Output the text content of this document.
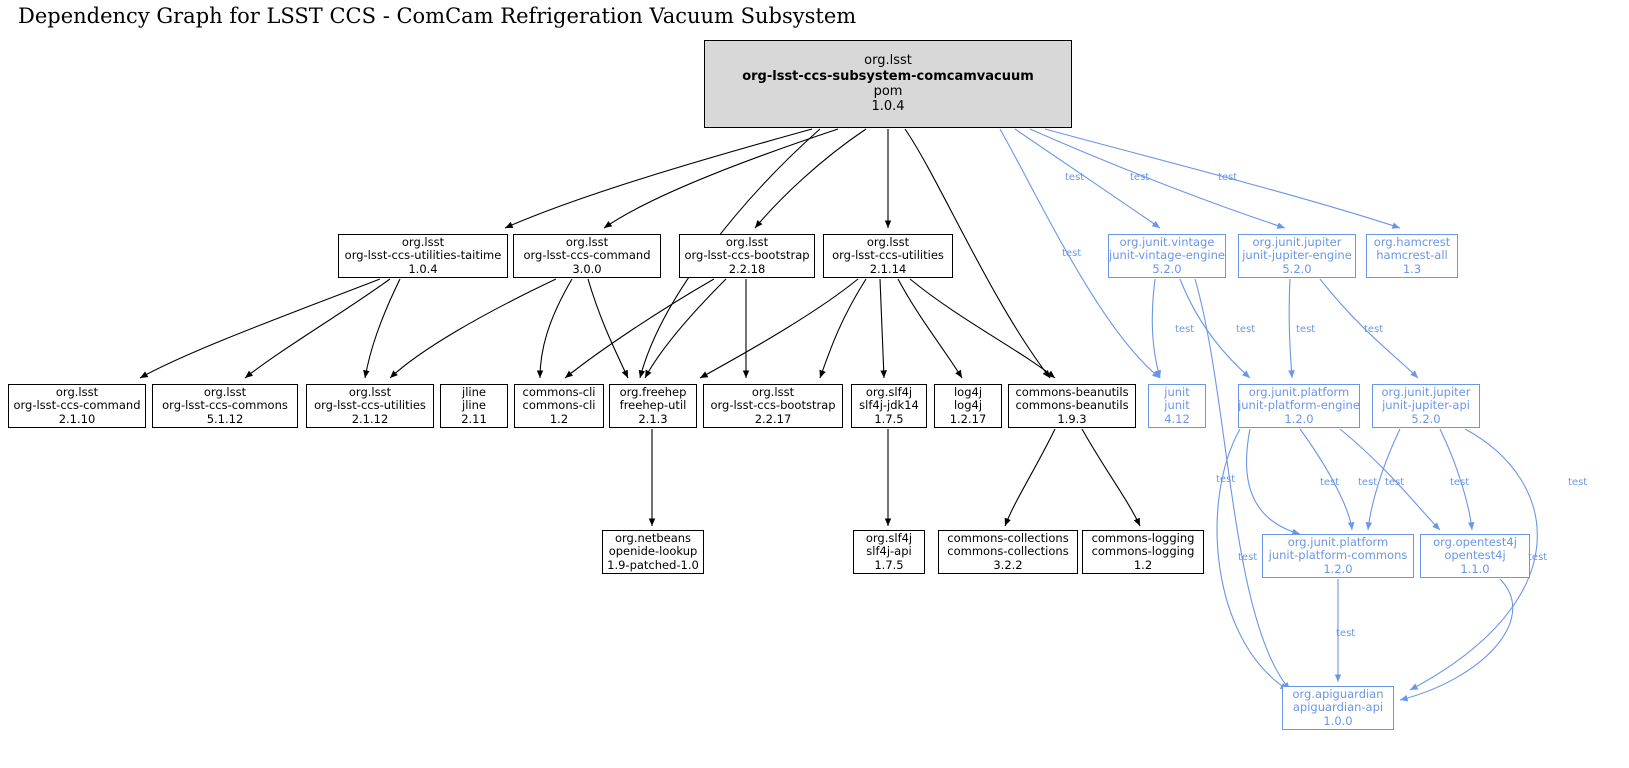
Dependency Graph for LSST CCS - ComCam Refrigeration Vacuum Subsystem
org.lsst
org-lsst-ccs-subsystem-comcamvacuum
pom
1.0.4
org.lsst
org-lsst-ccs-utilities-taitime
1.0.4
org.lsst
org-lsst-ccs-command
3.0.0
org.lsst
org-lsst-ccs-bootstrap
2.2.18
org.lsst
org-lsst-ccs-utilities
2.1.14
org.junit.vintage
junit-vintage-engine
5.2.0
org.junit.jupiter
junit-jupiter-engine
5.2.0
org.hamcrest
hamcrest-all
1.3
org.lsst
org-lsst-ccs-command
2.1.10
org.lsst
org-lsst-ccs-commons
5.1.12
org.lsst
org-lsst-ccs-utilities
2.1.12
jline
jline
2.11
commons-cli
commons-cli
1.2
org.freehep
freehep-util
2.1.3
org.lsst
org-lsst-ccs-bootstrap
2.2.17
org.slf4j
slf4j-jdk14
1.7.5
log4j
log4j
1.2.17
commons-beanutils
commons-beanutils
1.9.3
junit
junit
4.12
org.junit.platform
junit-platform-engine
1.2.0
org.junit.jupiter
junit-jupiter-api
5.2.0
org.netbeans
openide-lookup
1.9-patched-1.0
org.slf4j
slf4j-api
1.7.5
commons-collections
commons-collections
3.2.2
commons-logging
commons-logging
1.2
org.junit.platform
junit-platform-commons
1.2.0
org.opentest4j
opentest4j
1.1.0
org.apiguardian
apiguardian-api
1.0.0
test	test	test
test
test	test	test	test
test	test test test	test	test
test	test
test
